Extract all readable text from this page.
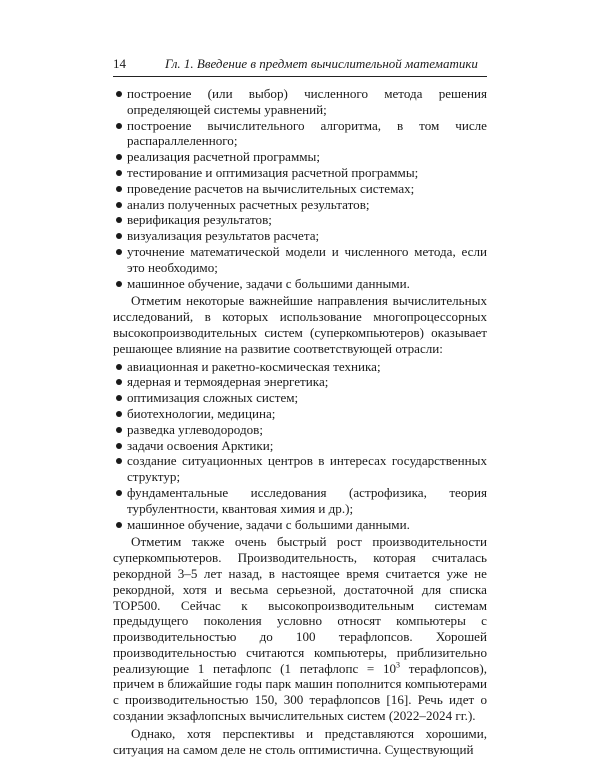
14	Гл. 1. Введение в предмет вычислительной математики
построение (или выбор) численного метода решения определяющей системы уравнений;
построение вычислительного алгоритма, в том числе распараллеленного;
реализация расчетной программы;
тестирование и оптимизация расчетной программы;
проведение расчетов на вычислительных системах;
анализ полученных расчетных результатов;
верификация результатов;
визуализация результатов расчета;
уточнение математической модели и численного метода, если это необходимо;
машинное обучение, задачи с большими данными.

Отметим некоторые важнейшие направления вычислительных исследований, в которых использование многопроцессорных высокопроизводительных систем (суперкомпьютеров) оказывает решающее влияние на развитие соответствующей отрасли:

авиационная и ракетно-космическая техника;
ядерная и термоядерная энергетика;
оптимизация сложных систем;
биотехнологии, медицина;
разведка углеводородов;
задачи освоения Арктики;
создание ситуационных центров в интересах государственных структур;
фундаментальные исследования (астрофизика, теория турбулентности, квантовая химия и др.);
машинное обучение, задачи с большими данными.

Отметим также очень быстрый рост производительности суперкомпьютеров. Производительность, которая считалась рекордной 3–5 лет назад, в настоящее время считается уже не рекордной, хотя и весьма серьезной, достаточной для списка TOP500. Сейчас к высокопроизводительным системам предыдущего поколения условно относят компьютеры с производительностью до 100 терафлопсов. Хорошей производительностью считаются компьютеры, приблизительно реализующие 1 петафлопс (1 петафлопс = $10^3$ терафлопсов), причем в ближайшие годы парк машин пополнится компьютерами с производительностью 150, 300 терафлопсов [16]. Речь идет о создании экзафлопсных вычислительных систем (2022–2024 гг.).

Однако, хотя перспективы и представляются хорошими, ситуация на самом деле не столь оптимистична. Существующий
